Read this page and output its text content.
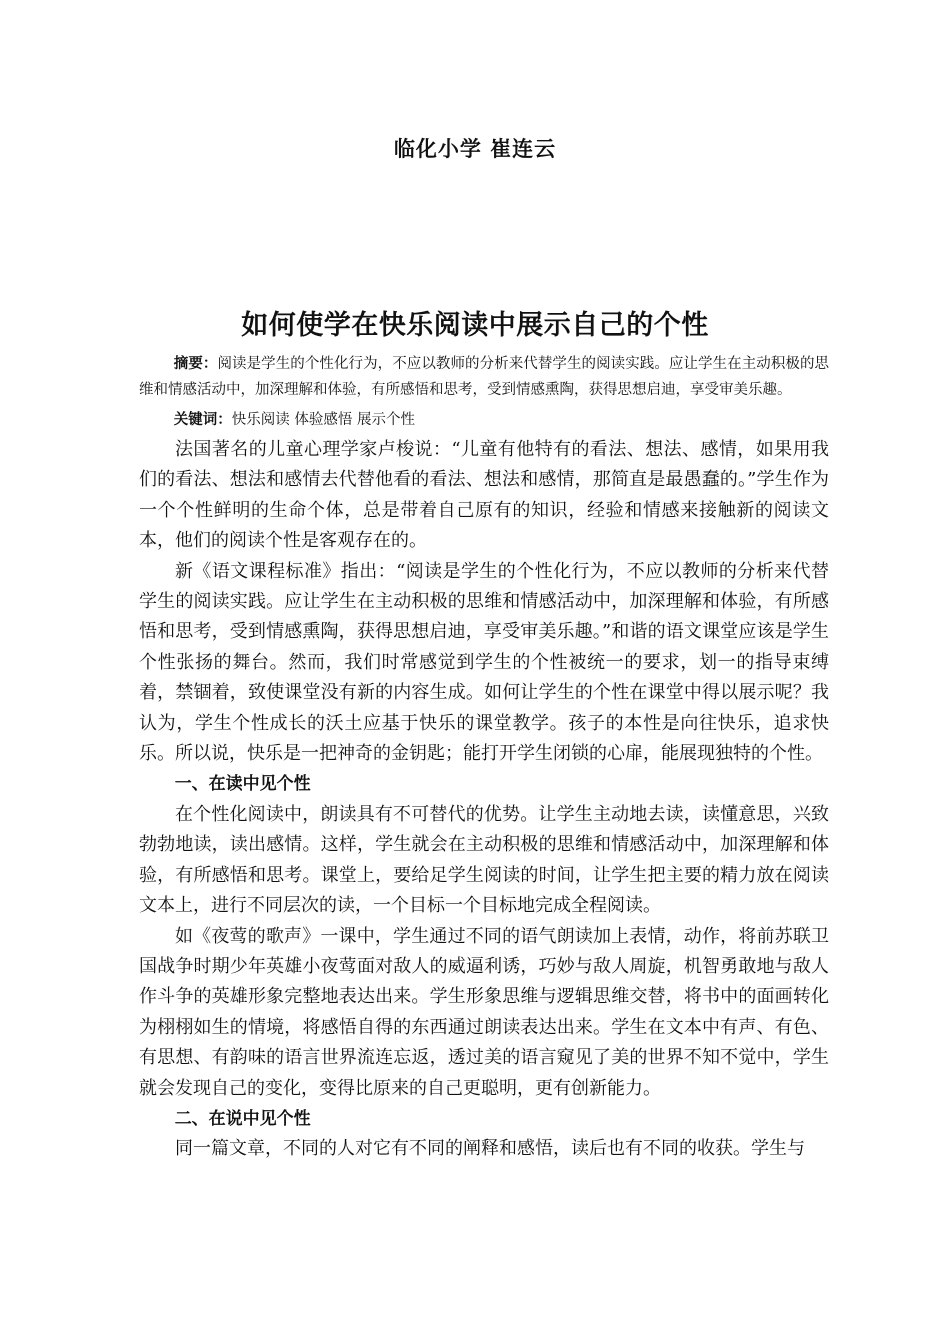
临化小学 崔连云
如何使学在快乐阅读中展示自己的个性

摘要：阅读是学生的个性化行为，不应以教师的分析来代替学生的阅读实践。应让学生在主动积极的思维和情感活动中，加深理解和体验，有所感悟和思考，受到情感熏陶，获得思想启迪，享受审美乐趣。

关键词：快乐阅读 体验感悟 展示个性

法国著名的儿童心理学家卢梭说：“儿童有他特有的看法、想法、感情，如果用我们的看法、想法和感情去代替他看的看法、想法和感情，那简直是最愚蠢的。”学生作为一个个性鲜明的生命个体，总是带着自己原有的知识，经验和情感来接触新的阅读文本，他们的阅读个性是客观存在的。

新《语文课程标准》指出：“阅读是学生的个性化行为，不应以教师的分析来代替学生的阅读实践。应让学生在主动积极的思维和情感活动中，加深理解和体验，有所感悟和思考，受到情感熏陶，获得思想启迪，享受审美乐趣。”和谐的语文课堂应该是学生个性张扬的舞台。然而，我们时常感觉到学生的个性被统一的要求，划一的指导束缚着，禁锢着，致使课堂没有新的内容生成。如何让学生的个性在课堂中得以展示呢？我认为，学生个性成长的沃土应基于快乐的课堂教学。孩子的本性是向往快乐，追求快乐。所以说，快乐是一把神奇的金钥匙；能打开学生闭锁的心扉，能展现独特的个性。

一、在读中见个性

在个性化阅读中，朗读具有不可替代的优势。让学生主动地去读，读懂意思，兴致勃勃地读，读出感情。这样，学生就会在主动积极的思维和情感活动中，加深理解和体验，有所感悟和思考。课堂上，要给足学生阅读的时间，让学生把主要的精力放在阅读文本上，进行不同层次的读，一个目标一个目标地完成全程阅读。

如《夜莺的歌声》一课中，学生通过不同的语气朗读加上表情，动作，将前苏联卫国战争时期少年英雄小夜莺面对敌人的威逼利诱，巧妙与敌人周旋，机智勇敢地与敌人作斗争的英雄形象完整地表达出来。学生形象思维与逻辑思维交替，将书中的面画转化为栩栩如生的情境，将感悟自得的东西通过朗读表达出来。学生在文本中有声、有色、有思想、有韵味的语言世界流连忘返，透过美的语言窥见了美的世界不知不觉中，学生就会发现自己的变化，变得比原来的自己更聪明，更有创新能力。

二、在说中见个性

同一篇文章，不同的人对它有不同的阐释和感悟，读后也有不同的收获。学生与
